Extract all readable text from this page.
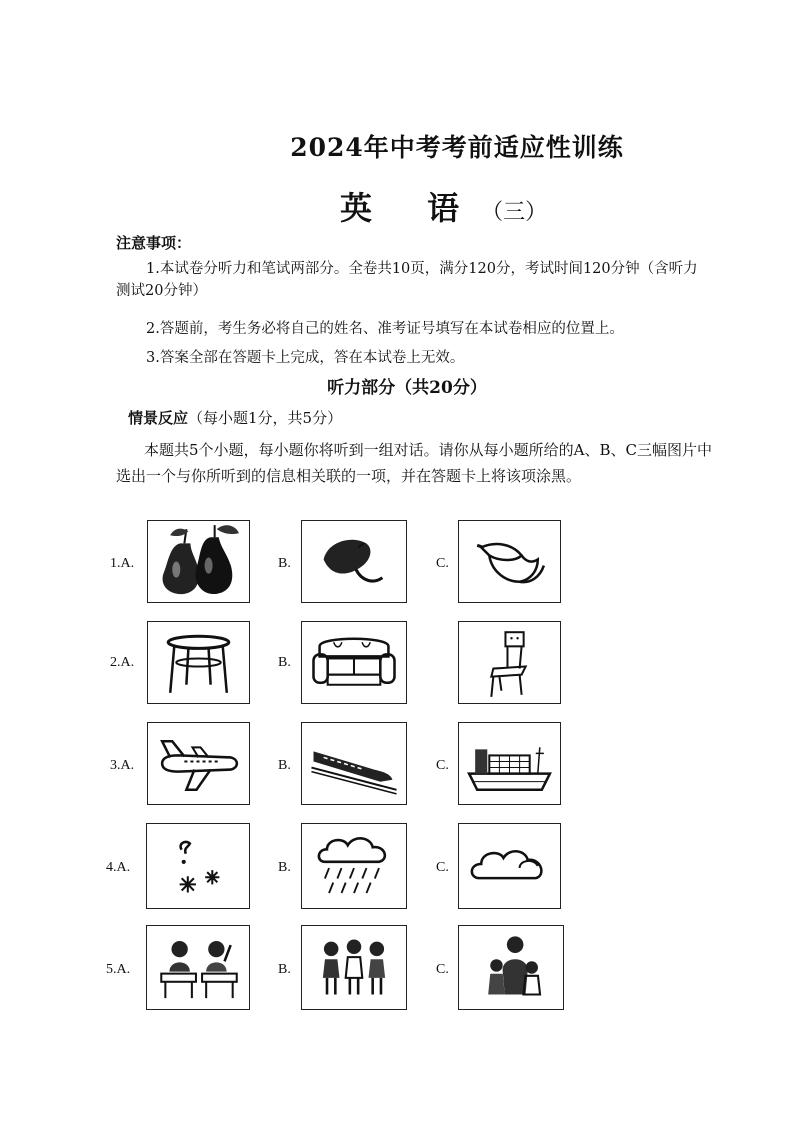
2024年中考考前适应性训练
英 语（三）
注意事项：
1.本试卷分听力和笔试两部分。全卷共10页，满分120分，考试时间120分钟（含听力测试20分钟）
2.答题前，考生务必将自己的姓名、准考证号填写在本试卷相应的位置上。
3.答案全部在答题卡上完成，答在本试卷上无效。
听力部分（共20分）
情景反应（每小题1分，共5分）
本题共5个小题，每小题你将听到一组对话。请你从每小题所给的A、B、C三幅图片中选出一个与你所听到的信息相关联的一项，并在答题卡上将该项涂黑。
1.A.	B.	C.
2.A.	B.
3.A.	B.	C.
4.A.	B.	C.
5.A.	B.	C.
